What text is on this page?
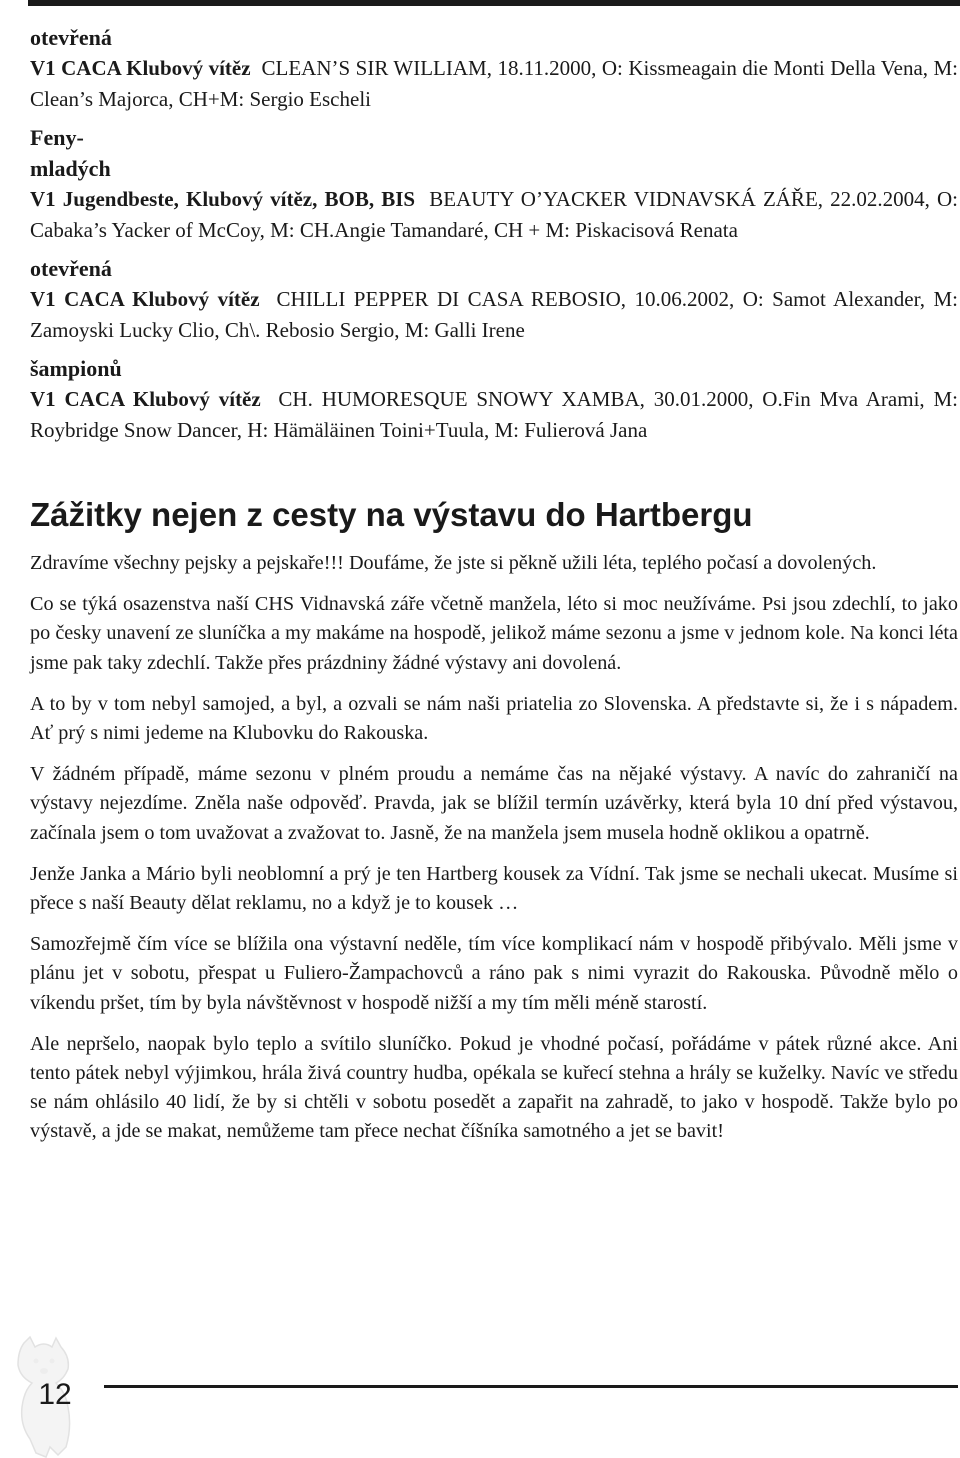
otevřená
V1 CACA Klubový vítěz CLEAN’S SIR WILLIAM, 18.11.2000, O: Kissmeagain die Monti Della Vena, M: Clean’s Majorca, CH+M: Sergio Escheli
Feny-
mladých
V1 Jugendbeste, Klubový vítěz, BOB, BIS BEAUTY O’YACKER VIDNAVSKÁ ZÁŘE, 22.02.2004, O: Cabaka’s Yacker of McCoy, M: CH.Angie Tamandaré, CH + M: Piskacisová Renata
otevřená
V1 CACA Klubový vítěz CHILLI PEPPER DI CASA REBOSIO, 10.06.2002, O: Samot Alexander, M: Zamoyski Lucky Clio, Ch\. Rebosio Sergio, M: Galli Irene
šampionů
V1 CACA Klubový vítěz CH. HUMORESQUE SNOWY XAMBA, 30.01.2000, O.Fin Mva Arami, M: Roybridge Snow Dancer, H: Hämäläinen Toini+Tuula, M: Fulierová Jana
Zážitky nejen z cesty na výstavu do Hartbergu

Zdravíme všechny pejsky a pejskaře!!! Doufáme, že jste si pěkně užili léta, teplého počasí a dovolených.

Co se týká osazenstva naší CHS Vidnavská záře včetně manžela, léto si moc neužíváme. Psi jsou zdechlí, to jako po česky unavení ze sluníčka a my makáme na hospodě, jelikož máme sezonu a jsme v jednom kole. Na konci léta jsme pak taky zdechlí. Takže přes prázdniny žádné výstavy ani dovolená.

A to by v tom nebyl samojed, a byl, a ozvali se nám naši priatelia zo Slovenska. A představte si, že i s nápadem. Ať prý s nimi jedeme na Klubovku do Rakouska.

V žádném případě, máme sezonu v plném proudu a nemáme čas na nějaké výstavy. A navíc do zahraničí na výstavy nejezdíme. Zněla naše odpověď. Pravda, jak se blížil termín uzávěrky, která byla 10 dní před výstavou, začínala jsem o tom uvažovat a zvažovat to. Jasně, že na manžela jsem musela hodně oklikou a opatrně.

Jenže Janka a Mário byli neoblomní a prý je ten Hartberg kousek za Vídní. Tak jsme se nechali ukecat. Musíme si přece s naší Beauty dělat reklamu, no a když je to kousek …

Samozřejmě čím více se blížila ona výstavní neděle, tím více komplikací nám v hospodě přibývalo. Měli jsme v plánu jet v sobotu, přespat u Fuliero-Žampachovců a ráno pak s nimi vyrazit do Rakouska. Původně mělo o víkendu pršet, tím by byla návštěvnost v hospodě nižší a my tím měli méně starostí.

Ale nepršelo, naopak bylo teplo a svítilo sluníčko. Pokud je vhodné počasí, pořádáme v pátek různé akce. Ani tento pátek nebyl výjimkou, hrála živá country hudba, opékala se kuřecí stehna a hrály se kuželky. Navíc ve středu se nám ohlásilo 40 lidí, že by si chtěli v sobotu posedět a zapařit na zahradě, to jako v hospodě. Takže bylo po výstavě, a jde se makat, nemůžeme tam přece nechat číšníka samotného a jet se bavit!

12
